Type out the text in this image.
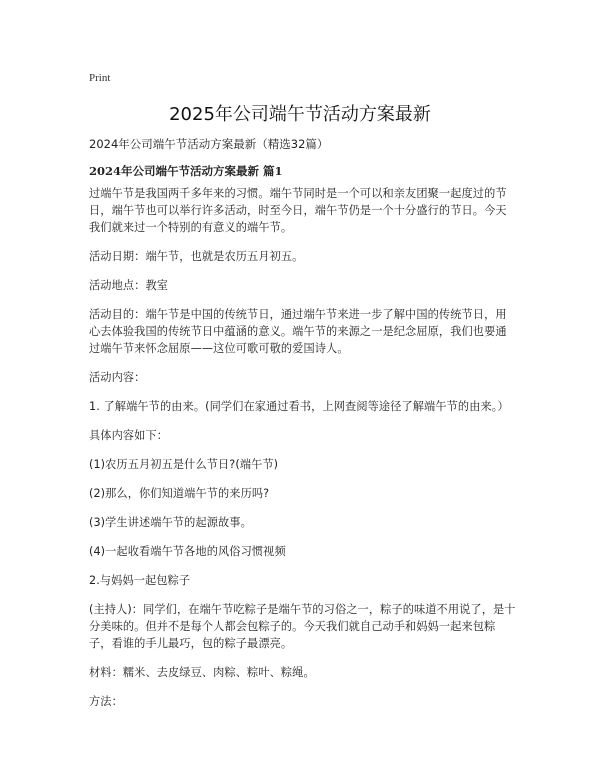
Print
2025年公司端午节活动方案最新

2024年公司端午节活动方案最新（精选32篇）

2024年公司端午节活动方案最新 篇1

过端午节是我国两千多年来的习惯。端午节同时是一个可以和亲友团聚一起度过的节日，端午节也可以举行许多活动，时至今日，端午节仍是一个十分盛行的节日。今天我们就来过一个特别的有意义的端午节。

活动日期：端午节，也就是农历五月初五。

活动地点：教室

活动目的：端午节是中国的传统节日，通过端午节来进一步了解中国的传统节日，用心去体验我国的传统节日中蕴涵的意义。端午节的来源之一是纪念屈原，我们也要通过端午节来怀念屈原——这位可歌可敬的爱国诗人。

活动内容：

1. 了解端午节的由来。(同学们在家通过看书，上网查阅等途径了解端午节的由来。）

具体内容如下：

(1)农历五月初五是什么节日?(端午节)

(2)那么，你们知道端午节的来历吗?

(3)学生讲述端午节的起源故事。

(4)一起收看端午节各地的风俗习惯视频

2.与妈妈一起包粽子

(主持人)：同学们，在端午节吃粽子是端午节的习俗之一，粽子的味道不用说了，是十分美味的。但并不是每个人都会包粽子的。今天我们就自己动手和妈妈一起来包粽子，看谁的手儿最巧，包的粽子最漂亮。

材料：糯米、去皮绿豆、肉粽、粽叶、粽绳。

方法：
